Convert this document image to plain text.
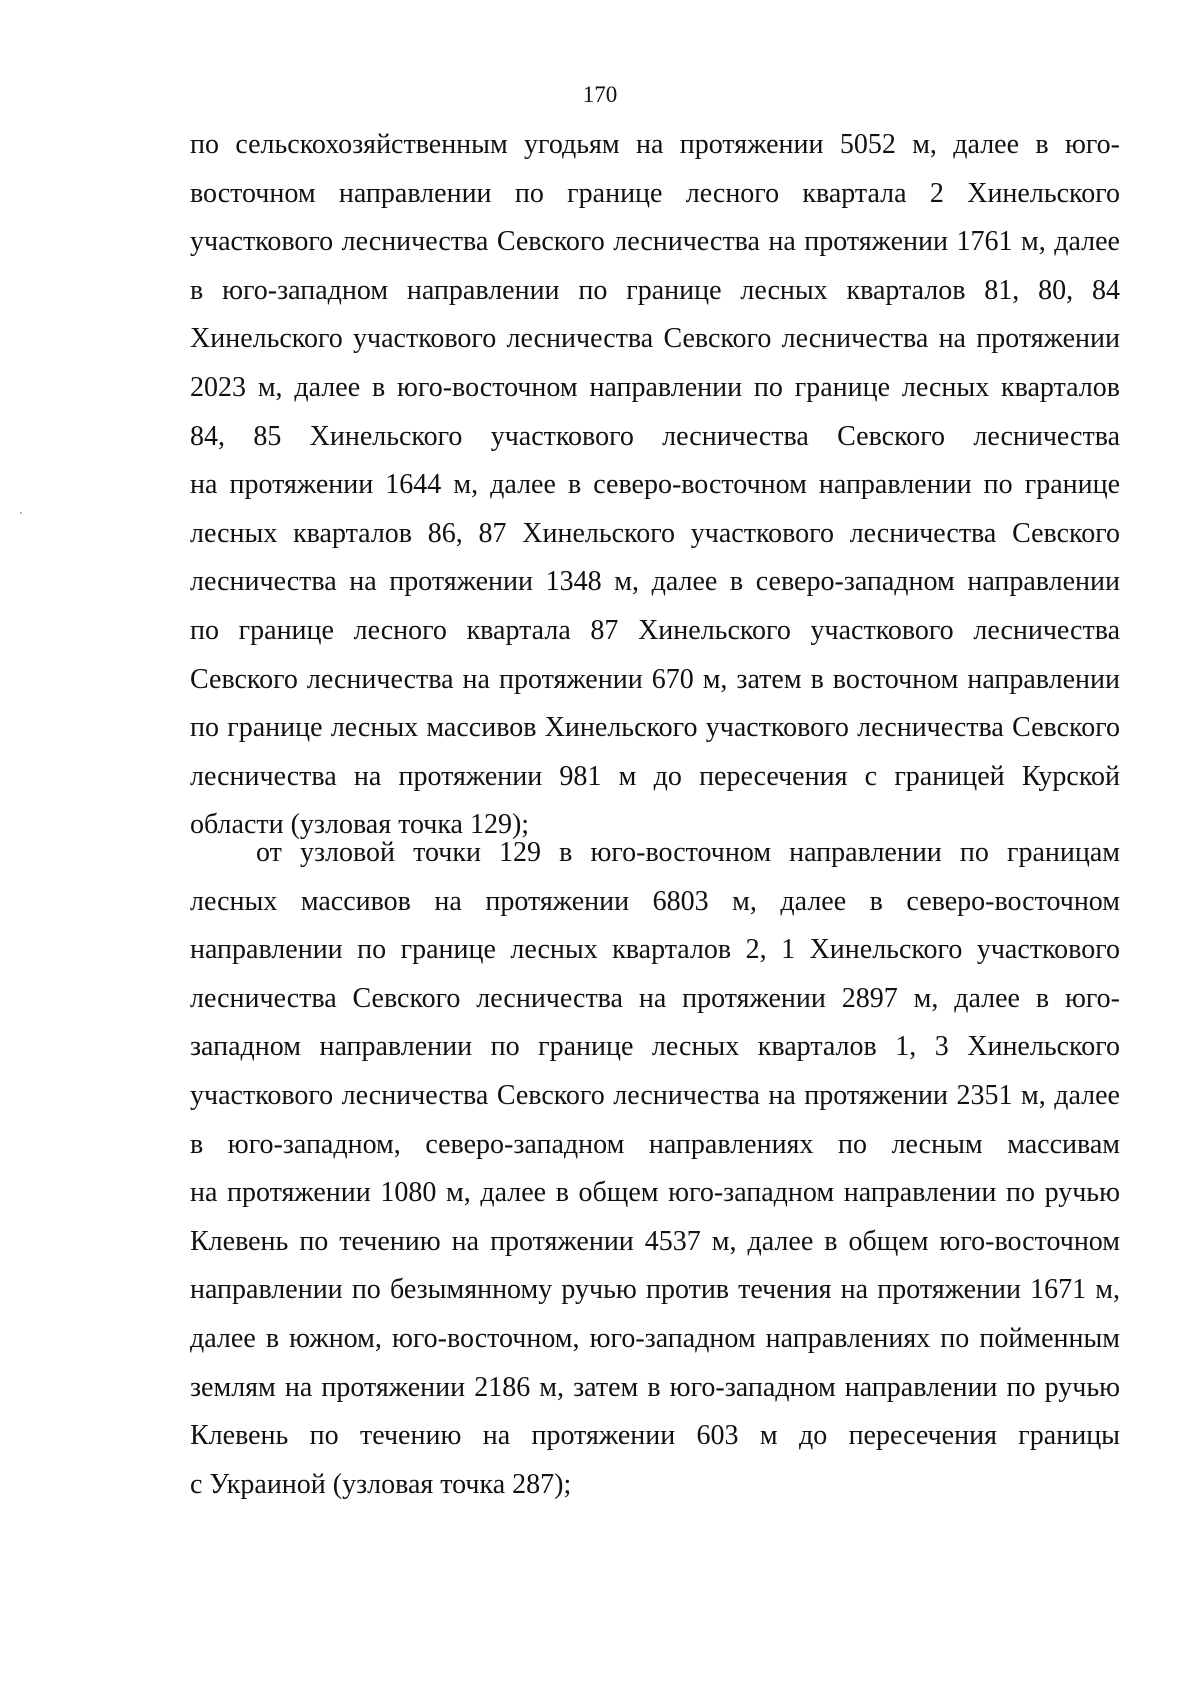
170
по сельскохозяйственным угодьям на протяжении 5052 м, далее в юго-
восточном направлении по границе лесного квартала 2 Хинельского
участкового лесничества Севского лесничества на протяжении 1761 м, далее
в юго-западном направлении по границе лесных кварталов 81, 80, 84
Хинельского участкового лесничества Севского лесничества на протяжении
2023 м, далее в юго-восточном направлении по границе лесных кварталов
84, 85 Хинельского участкового лесничества Севского лесничества
на протяжении 1644 м, далее в северо-восточном направлении по границе
лесных кварталов 86, 87 Хинельского участкового лесничества Севского
лесничества на протяжении 1348 м, далее в северо-западном направлении
по границе лесного квартала 87 Хинельского участкового лесничества
Севского лесничества на протяжении 670 м, затем в восточном направлении
по границе лесных массивов Хинельского участкового лесничества Севского
лесничества на протяжении 981 м до пересечения с границей Курской
области (узловая точка 129);
от узловой точки 129 в юго-восточном направлении по границам
лесных массивов на протяжении 6803 м, далее в северо-восточном
направлении по границе лесных кварталов 2, 1 Хинельского участкового
лесничества Севского лесничества на протяжении 2897 м, далее в юго-
западном направлении по границе лесных кварталов 1, 3 Хинельского
участкового лесничества Севского лесничества на протяжении 2351 м, далее
в юго-западном, северо-западном направлениях по лесным массивам
на протяжении 1080 м, далее в общем юго-западном направлении по ручью
Клевень по течению на протяжении 4537 м, далее в общем юго-восточном
направлении по безымянному ручью против течения на протяжении 1671 м,
далее в южном, юго-восточном, юго-западном направлениях по пойменным
землям на протяжении 2186 м, затем в юго-западном направлении по ручью
Клевень по течению на протяжении 603 м до пересечения границы
с Украиной (узловая точка 287);
